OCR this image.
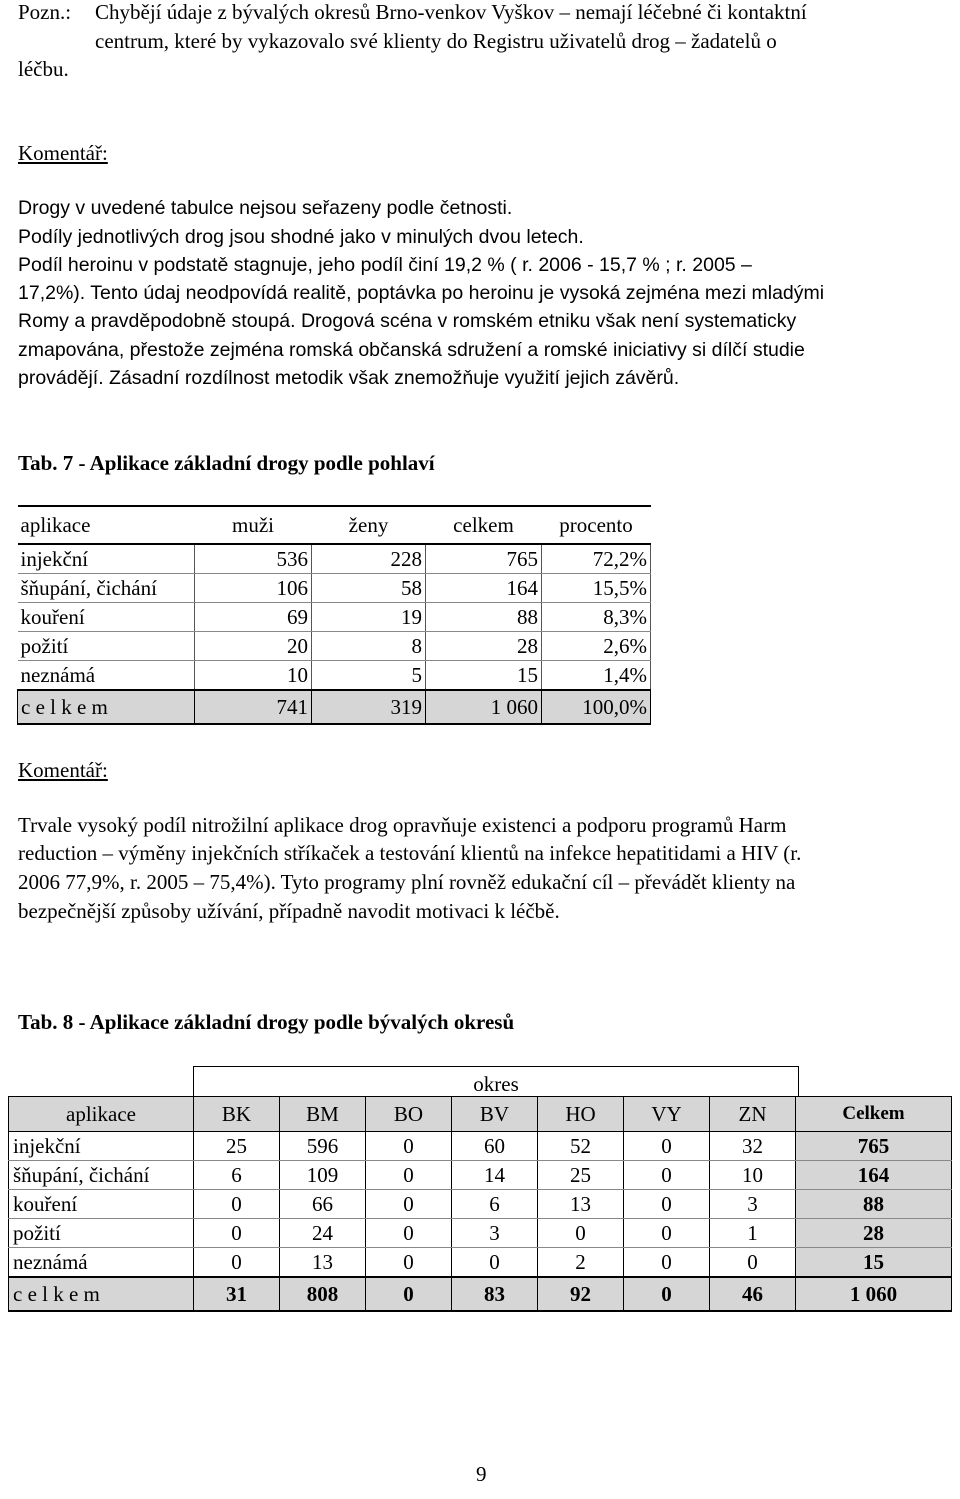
Pozn.: Chybějí údaje z bývalých okresů Brno-venkov Vyškov – nemají léčebné či kontaktní
centrum, které by vykazovalo své klienty do Registru uživatelů drog – žadatelů o
léčbu.
Komentář:
Drogy v uvedené tabulce nejsou seřazeny podle četnosti.
Podíly jednotlivých drog jsou shodné jako v minulých dvou letech.
Podíl heroinu v podstatě stagnuje, jeho podíl činí 19,2 % ( r. 2006 - 15,7 % ; r. 2005 –
17,2%). Tento údaj neodpovídá realitě, poptávka po heroinu je vysoká zejména mezi mladými
Romy a pravděpodobně stoupá. Drogová scéna v romském etniku však není systematicky
zmapována, přestože zejména romská občanská sdružení a romské iniciativy si dílčí studie
provádějí. Zásadní rozdílnost metodik však znemožňuje využití jejich závěrů.
Tab. 7 - Aplikace základní drogy podle pohlaví
aplikace	muži	ženy	celkem	procento
injekční	536	228	765	72,2%
šňupání, čichání	106	58	164	15,5%
kouření	69	19	88	8,3%
požití	20	8	28	2,6%
neznámá	10	5	15	1,4%
c e l k e m	741	319	1 060	100,0%
Komentář:
Trvale vysoký podíl nitrožilní aplikace drog opravňuje existenci a podporu programů Harm
reduction – výměny injekčních stříkaček a testování klientů na infekce hepatitidami a HIV (r.
2006 77,9%, r. 2005 – 75,4%). Tyto programy plní rovněž edukační cíl – převádět klienty na
bezpečnější způsoby užívání, případně navodit motivaci k léčbě.
Tab. 8 - Aplikace základní drogy podle bývalých okresů
okres
aplikace	BK	BM	BO	BV	HO	VY	ZN	Celkem
injekční	25	596	0	60	52	0	32	765
šňupání, čichání	6	109	0	14	25	0	10	164
kouření	0	66	0	6	13	0	3	88
požití	0	24	0	3	0	0	1	28
neznámá	0	13	0	0	2	0	0	15
c e l k e m	31	808	0	83	92	0	46	1 060
9
